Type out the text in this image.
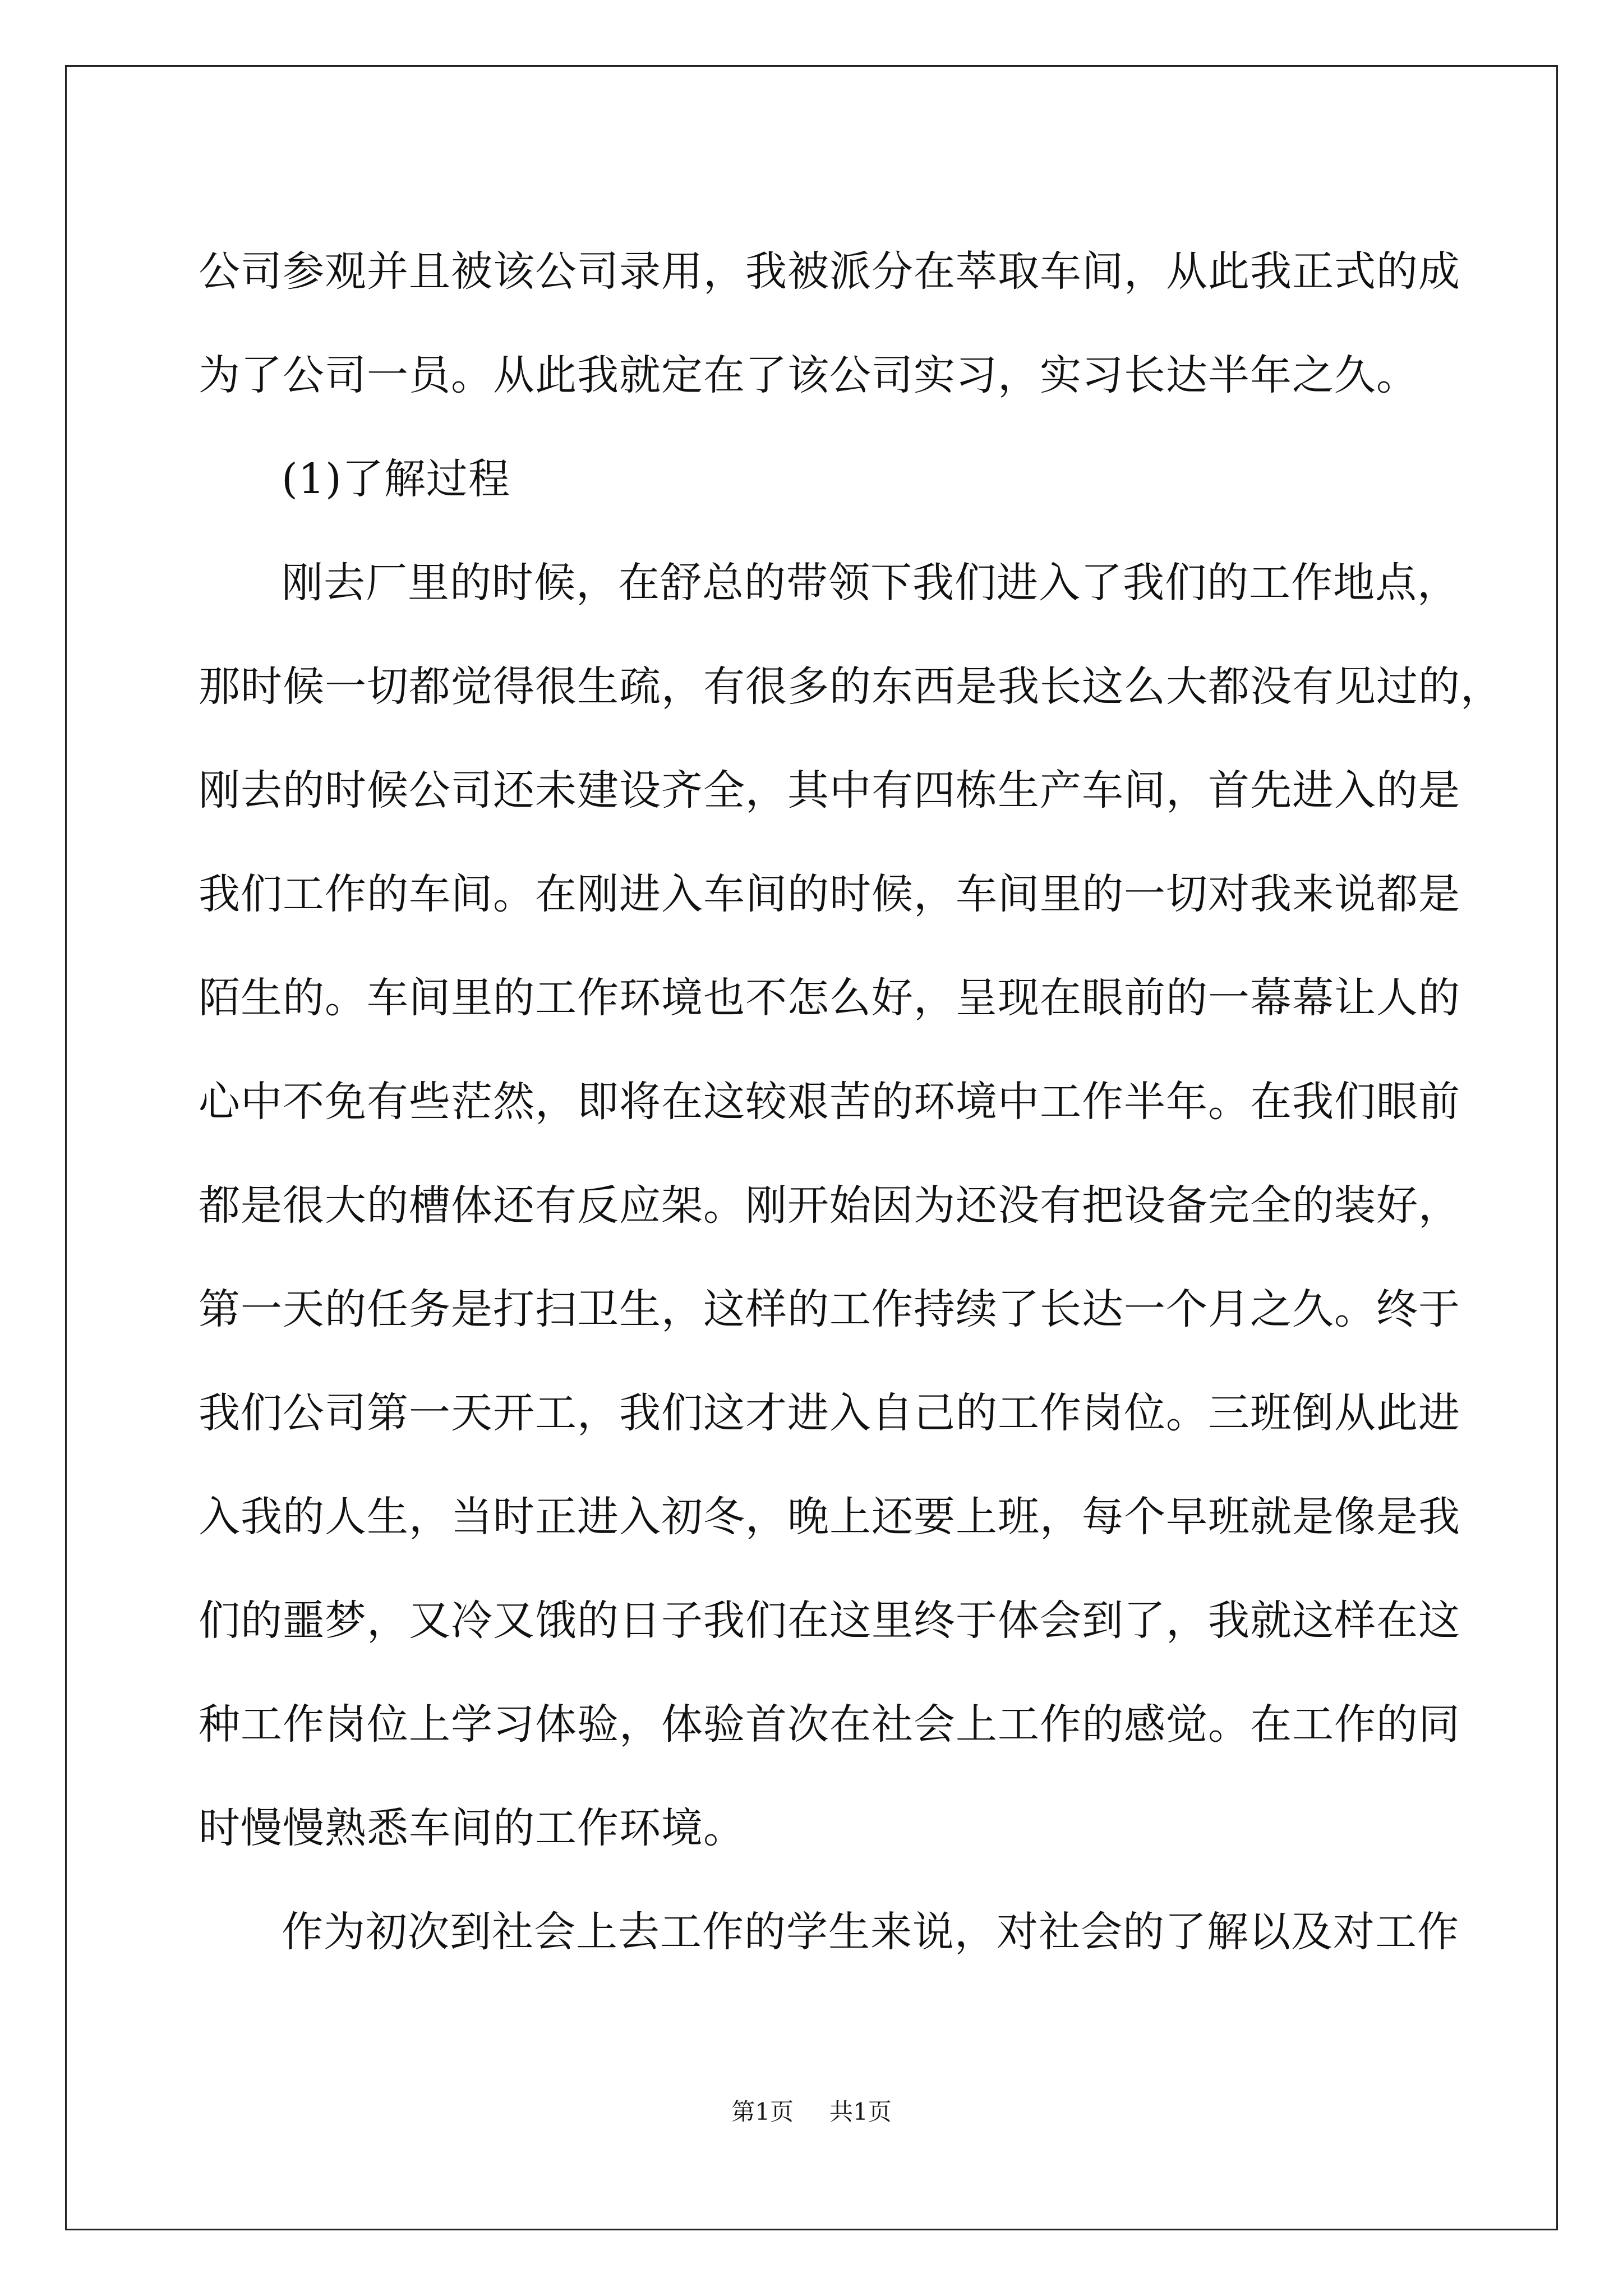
公司参观并且被该公司录用，我被派分在萃取车间，从此我正式的成
为了公司一员。从此我就定在了该公司实习，实习长达半年之久。
(1)了解过程
刚去厂里的时候，在舒总的带领下我们进入了我们的工作地点，
那时候一切都觉得很生疏，有很多的东西是我长这么大都没有见过的，
刚去的时候公司还未建设齐全，其中有四栋生产车间，首先进入的是
我们工作的车间。在刚进入车间的时候，车间里的一切对我来说都是
陌生的。车间里的工作环境也不怎么好，呈现在眼前的一幕幕让人的
心中不免有些茫然，即将在这较艰苦的环境中工作半年。在我们眼前
都是很大的槽体还有反应架。刚开始因为还没有把设备完全的装好，
第一天的任务是打扫卫生，这样的工作持续了长达一个月之久。终于
我们公司第一天开工，我们这才进入自己的工作岗位。三班倒从此进
入我的人生，当时正进入初冬，晚上还要上班，每个早班就是像是我
们的噩梦，又冷又饿的日子我们在这里终于体会到了，我就这样在这
种工作岗位上学习体验，体验首次在社会上工作的感觉。在工作的同
时慢慢熟悉车间的工作环境。
作为初次到社会上去工作的学生来说，对社会的了解以及对工作
第1页 共1页
